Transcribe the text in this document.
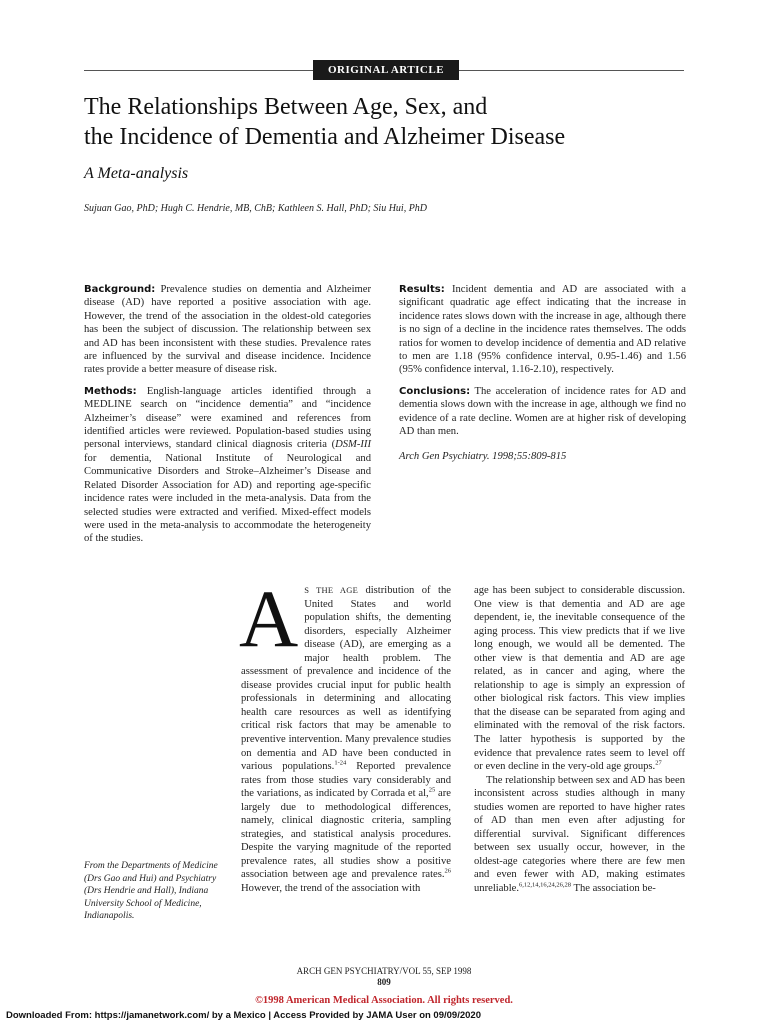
ORIGINAL ARTICLE
The Relationships Between Age, Sex, and
the Incidence of Dementia and Alzheimer Disease
A Meta-analysis
Sujuan Gao, PhD; Hugh C. Hendrie, MB, ChB; Kathleen S. Hall, PhD; Siu Hui, PhD

Background: Prevalence studies on dementia and Alzheimer disease (AD) have reported a positive association with age. However, the trend of the association in the oldest-old categories has been the subject of discussion. The relationship between sex and AD has been inconsistent with these studies. Prevalence rates are influenced by the survival and disease incidence. Incidence rates provide a better measure of disease risk.

Methods: English-language articles identified through a MEDLINE search on “incidence dementia” and “incidence Alzheimer’s disease” were examined and references from identified articles were reviewed. Population-based studies using personal interviews, standard clinical diagnosis criteria (DSM-III for dementia, National Institute of Neurological and Communicative Disorders and Stroke–Alzheimer’s Disease and Related Disorder Association for AD) and reporting age-specific incidence rates were included in the meta-analysis. Data from the selected studies were extracted and verified. Mixed-effect models were used in the meta-analysis to accommodate the heterogeneity of the studies.

Results: Incident dementia and AD are associated with a significant quadratic age effect indicating that the increase in incidence rates slows down with the increase in age, although there is no sign of a decline in the incidence rates themselves. The odds ratios for women to develop incidence of dementia and AD relative to men are 1.18 (95% confidence interval, 0.95-1.46) and 1.56 (95% confidence interval, 1.16-2.10), respectively.

Conclusions: The acceleration of incidence rates for AD and dementia slows down with the increase in age, although we find no evidence of a rate decline. Women are at higher risk of developing AD than men.

Arch Gen Psychiatry. 1998;55:809-815

A S THE AGE distribution of the United States and world population shifts, the dementing disorders, especially Alzheimer disease (AD), are emerging as a major health problem. The assessment of prevalence and incidence of the disease provides crucial input for public health professionals in determining and allocating health care resources as well as identifying critical risk factors that may be amenable to preventive intervention. Many prevalence studies on dementia and AD have been conducted in various populations.$^{1-24}$ Reported prevalence rates from those studies vary considerably and the variations, as indicated by Corrada et al,$^{25}$ are largely due to methodological differences, namely, clinical diagnostic criteria, sampling strategies, and statistical analysis procedures. Despite the varying magnitude of the reported prevalence rates, all studies show a positive association between age and prevalence rates.$^{26}$ However, the trend of the association with

age has been subject to considerable discussion. One view is that dementia and AD are age dependent, ie, the inevitable consequence of the aging process. This view predicts that if we live long enough, we would all be demented. The other view is that dementia and AD are age related, as in cancer and aging, where the relationship to age is simply an expression of other biological risk factors. This view implies that the disease can be separated from aging and eliminated with the removal of the risk factors. The latter hypothesis is supported by the evidence that prevalence rates seem to level off or even decline in the very-old age groups.$^{27}$

The relationship between sex and AD has been inconsistent across studies although in many studies women are reported to have higher rates of AD than men even after adjusting for differential survival. Significant differences between sex usually occur, however, in the oldest-age categories where there are few men and even fewer with AD, making estimates unreliable.$^{6,12,14,16,24,26,28}$ The association be-

From the Departments of Medicine (Drs Gao and Hui) and Psychiatry (Drs Hendrie and Hall), Indiana University School of Medicine, Indianapolis.
ARCH GEN PSYCHIATRY/VOL 55, SEP 1998
809
©1998 American Medical Association. All rights reserved.
Downloaded From: https://jamanetwork.com/ by a Mexico | Access Provided by JAMA User on 09/09/2020
